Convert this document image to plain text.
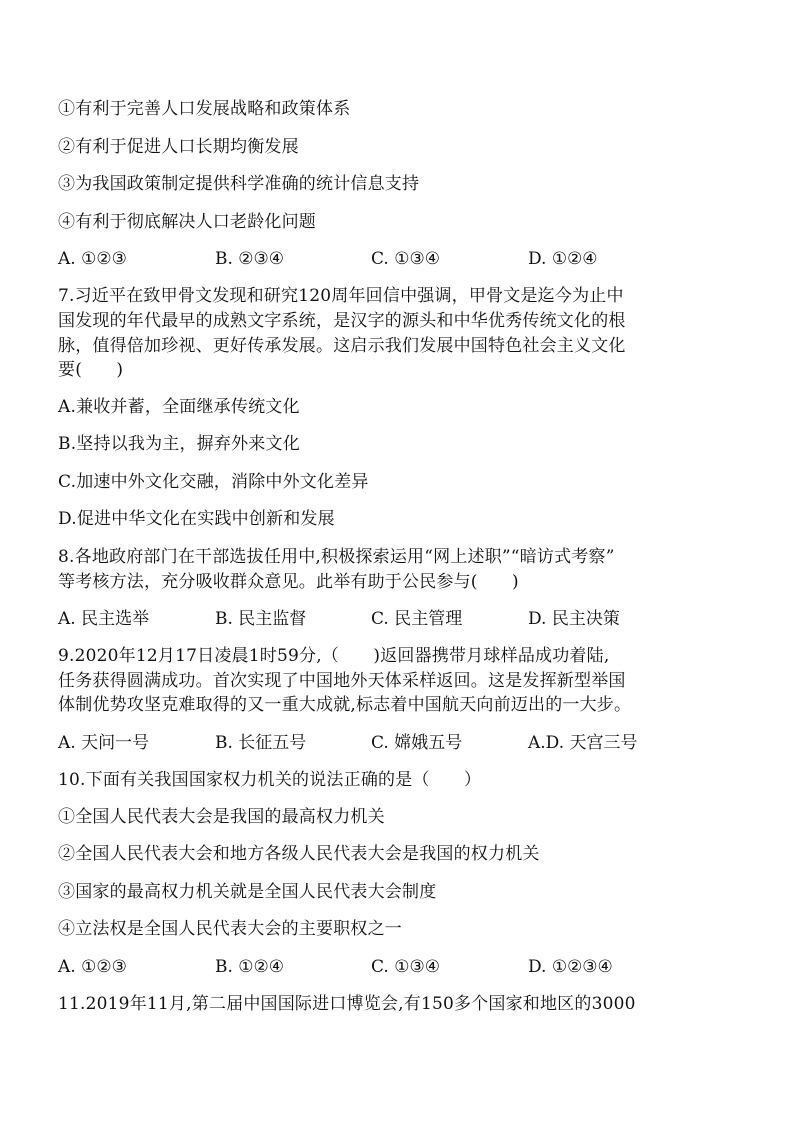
①有利于完善人口发展战略和政策体系
②有利于促进人口长期均衡发展
③为我国政策制定提供科学准确的统计信息支持
④有利于彻底解决人口老龄化问题
A. ①②③	B. ②③④	C. ①③④	D. ①②④
7.习近平在致甲骨文发现和研究120周年回信中强调，甲骨文是迄今为止中
国发现的年代最早的成熟文字系统，是汉字的源头和中华优秀传统文化的根
脉，值得倍加珍视、更好传承发展。这启示我们发展中国特色社会主义文化
要(　　)
A.兼收并蓄，全面继承传统文化
B.坚持以我为主，摒弃外来文化
C.加速中外文化交融，消除中外文化差异
D.促进中华文化在实践中创新和发展
8.各地政府部门在干部选拔任用中,积极探索运用“网上述职”“暗访式考察”
等考核方法，充分吸收群众意见。此举有助于公民参与(　　)
A. 民主选举	B. 民主监督	C. 民主管理	D. 民主决策
9.2020年12月17日凌晨1时59分,（　　)返回器携带月球样品成功着陆,
任务获得圆满成功。首次实现了中国地外天体采样返回。这是发挥新型举国
体制优势攻坚克难取得的又一重大成就,标志着中国航天向前迈出的一大步。
A. 天问一号	B. 长征五号	C. 嫦娥五号	A.D. 天宫三号
10.下面有关我国国家权力机关的说法正确的是（　　）
①全国人民代表大会是我国的最高权力机关
②全国人民代表大会和地方各级人民代表大会是我国的权力机关
③国家的最高权力机关就是全国人民代表大会制度
④立法权是全国人民代表大会的主要职权之一
A. ①②③	B. ①②④	C. ①③④	D. ①②③④
11.2019年11月,第二届中国国际进口博览会,有150多个国家和地区的3000
